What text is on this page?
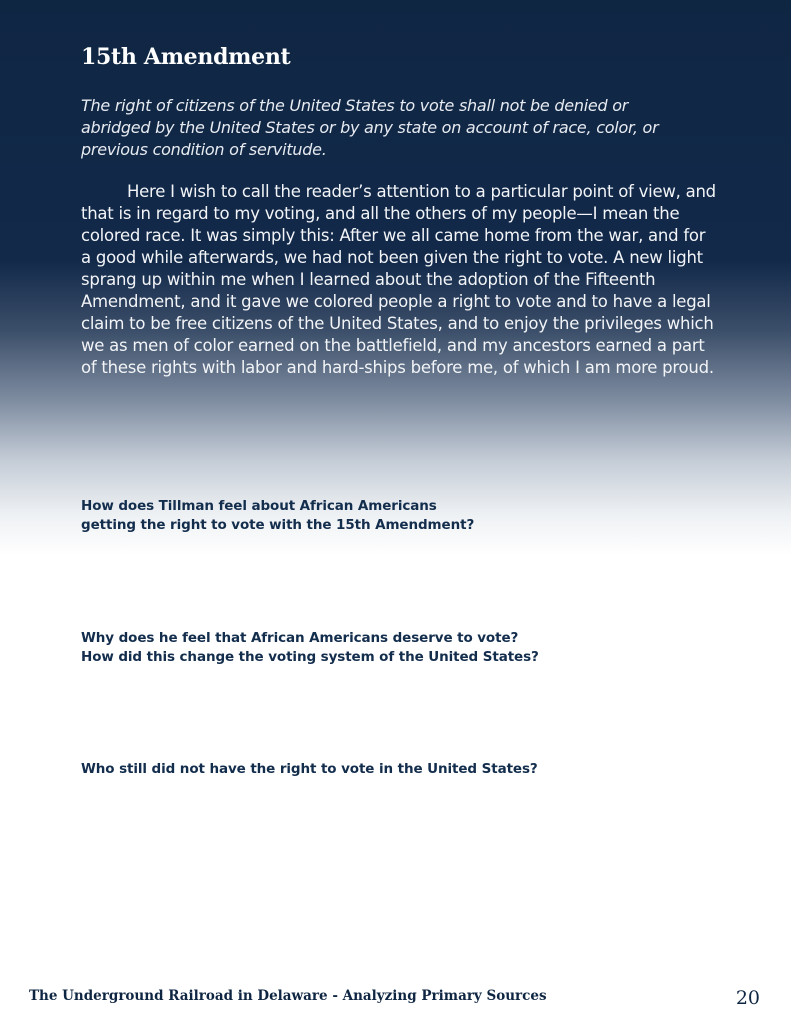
15th Amendment

The right of citizens of the United States to vote shall not be denied or abridged by the United States or by any state on account of race, color, or previous condition of servitude.

Here I wish to call the reader’s attention to a particular point of view, and that is in regard to my voting, and all the others of my people—I mean the colored race. It was simply this: After we all came home from the war, and for a good while afterwards, we had not been given the right to vote. A new light sprang up within me when I learned about the adoption of the Fifteenth Amendment, and it gave we colored people a right to vote and to have a legal claim to be free citizens of the United States, and to enjoy the privileges which we as men of color earned on the battlefield, and my ancestors earned a part of these rights with labor and hard-ships before me, of which I am more proud.

How does Tillman feel about African Americans
getting the right to vote with the 15th Amendment?
Why does he feel that African Americans deserve to vote?
How did this change the voting system of the United States?
Who still did not have the right to vote in the United States?

The Underground Railroad in Delaware - Analyzing Primary Sources	20
